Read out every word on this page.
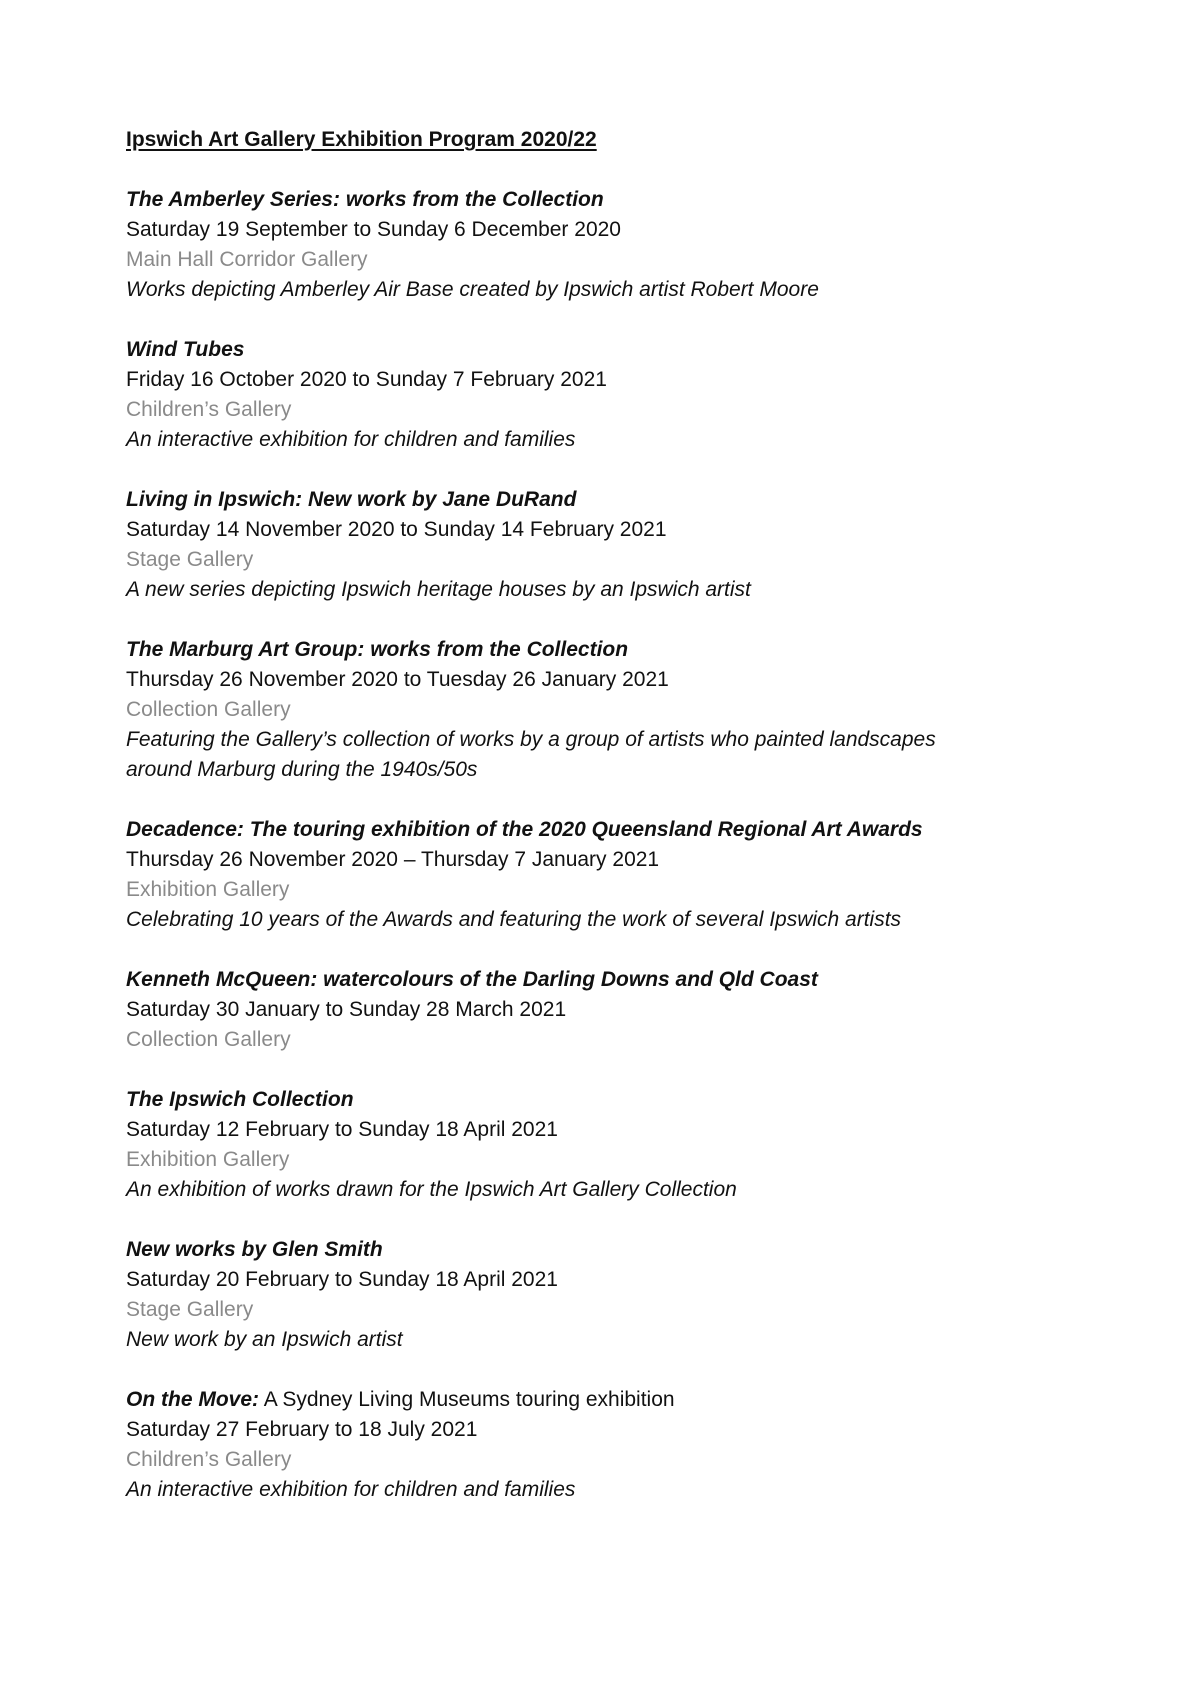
Ipswich Art Gallery Exhibition Program 2020/22
The Amberley Series: works from the Collection
Saturday 19 September to Sunday 6 December 2020
Main Hall Corridor Gallery
Works depicting Amberley Air Base created by Ipswich artist Robert Moore
Wind Tubes
Friday 16 October 2020 to Sunday 7 February 2021
Children’s Gallery
An interactive exhibition for children and families
Living in Ipswich: New work by Jane DuRand
Saturday 14 November 2020 to Sunday 14 February 2021
Stage Gallery
A new series depicting Ipswich heritage houses by an Ipswich artist
The Marburg Art Group: works from the Collection
Thursday 26 November 2020 to Tuesday 26 January 2021
Collection Gallery
Featuring the Gallery’s collection of works by a group of artists who painted landscapes
around Marburg during the 1940s/50s
Decadence: The touring exhibition of the 2020 Queensland Regional Art Awards
Thursday 26 November 2020 – Thursday 7 January 2021
Exhibition Gallery
Celebrating 10 years of the Awards and featuring the work of several Ipswich artists
Kenneth McQueen: watercolours of the Darling Downs and Qld Coast
Saturday 30 January to Sunday 28 March 2021
Collection Gallery
The Ipswich Collection
Saturday 12 February to Sunday 18 April 2021
Exhibition Gallery
An exhibition of works drawn for the Ipswich Art Gallery Collection
New works by Glen Smith
Saturday 20 February to Sunday 18 April 2021
Stage Gallery
New work by an Ipswich artist
On the Move: A Sydney Living Museums touring exhibition
Saturday 27 February to 18 July 2021
Children’s Gallery
An interactive exhibition for children and families
